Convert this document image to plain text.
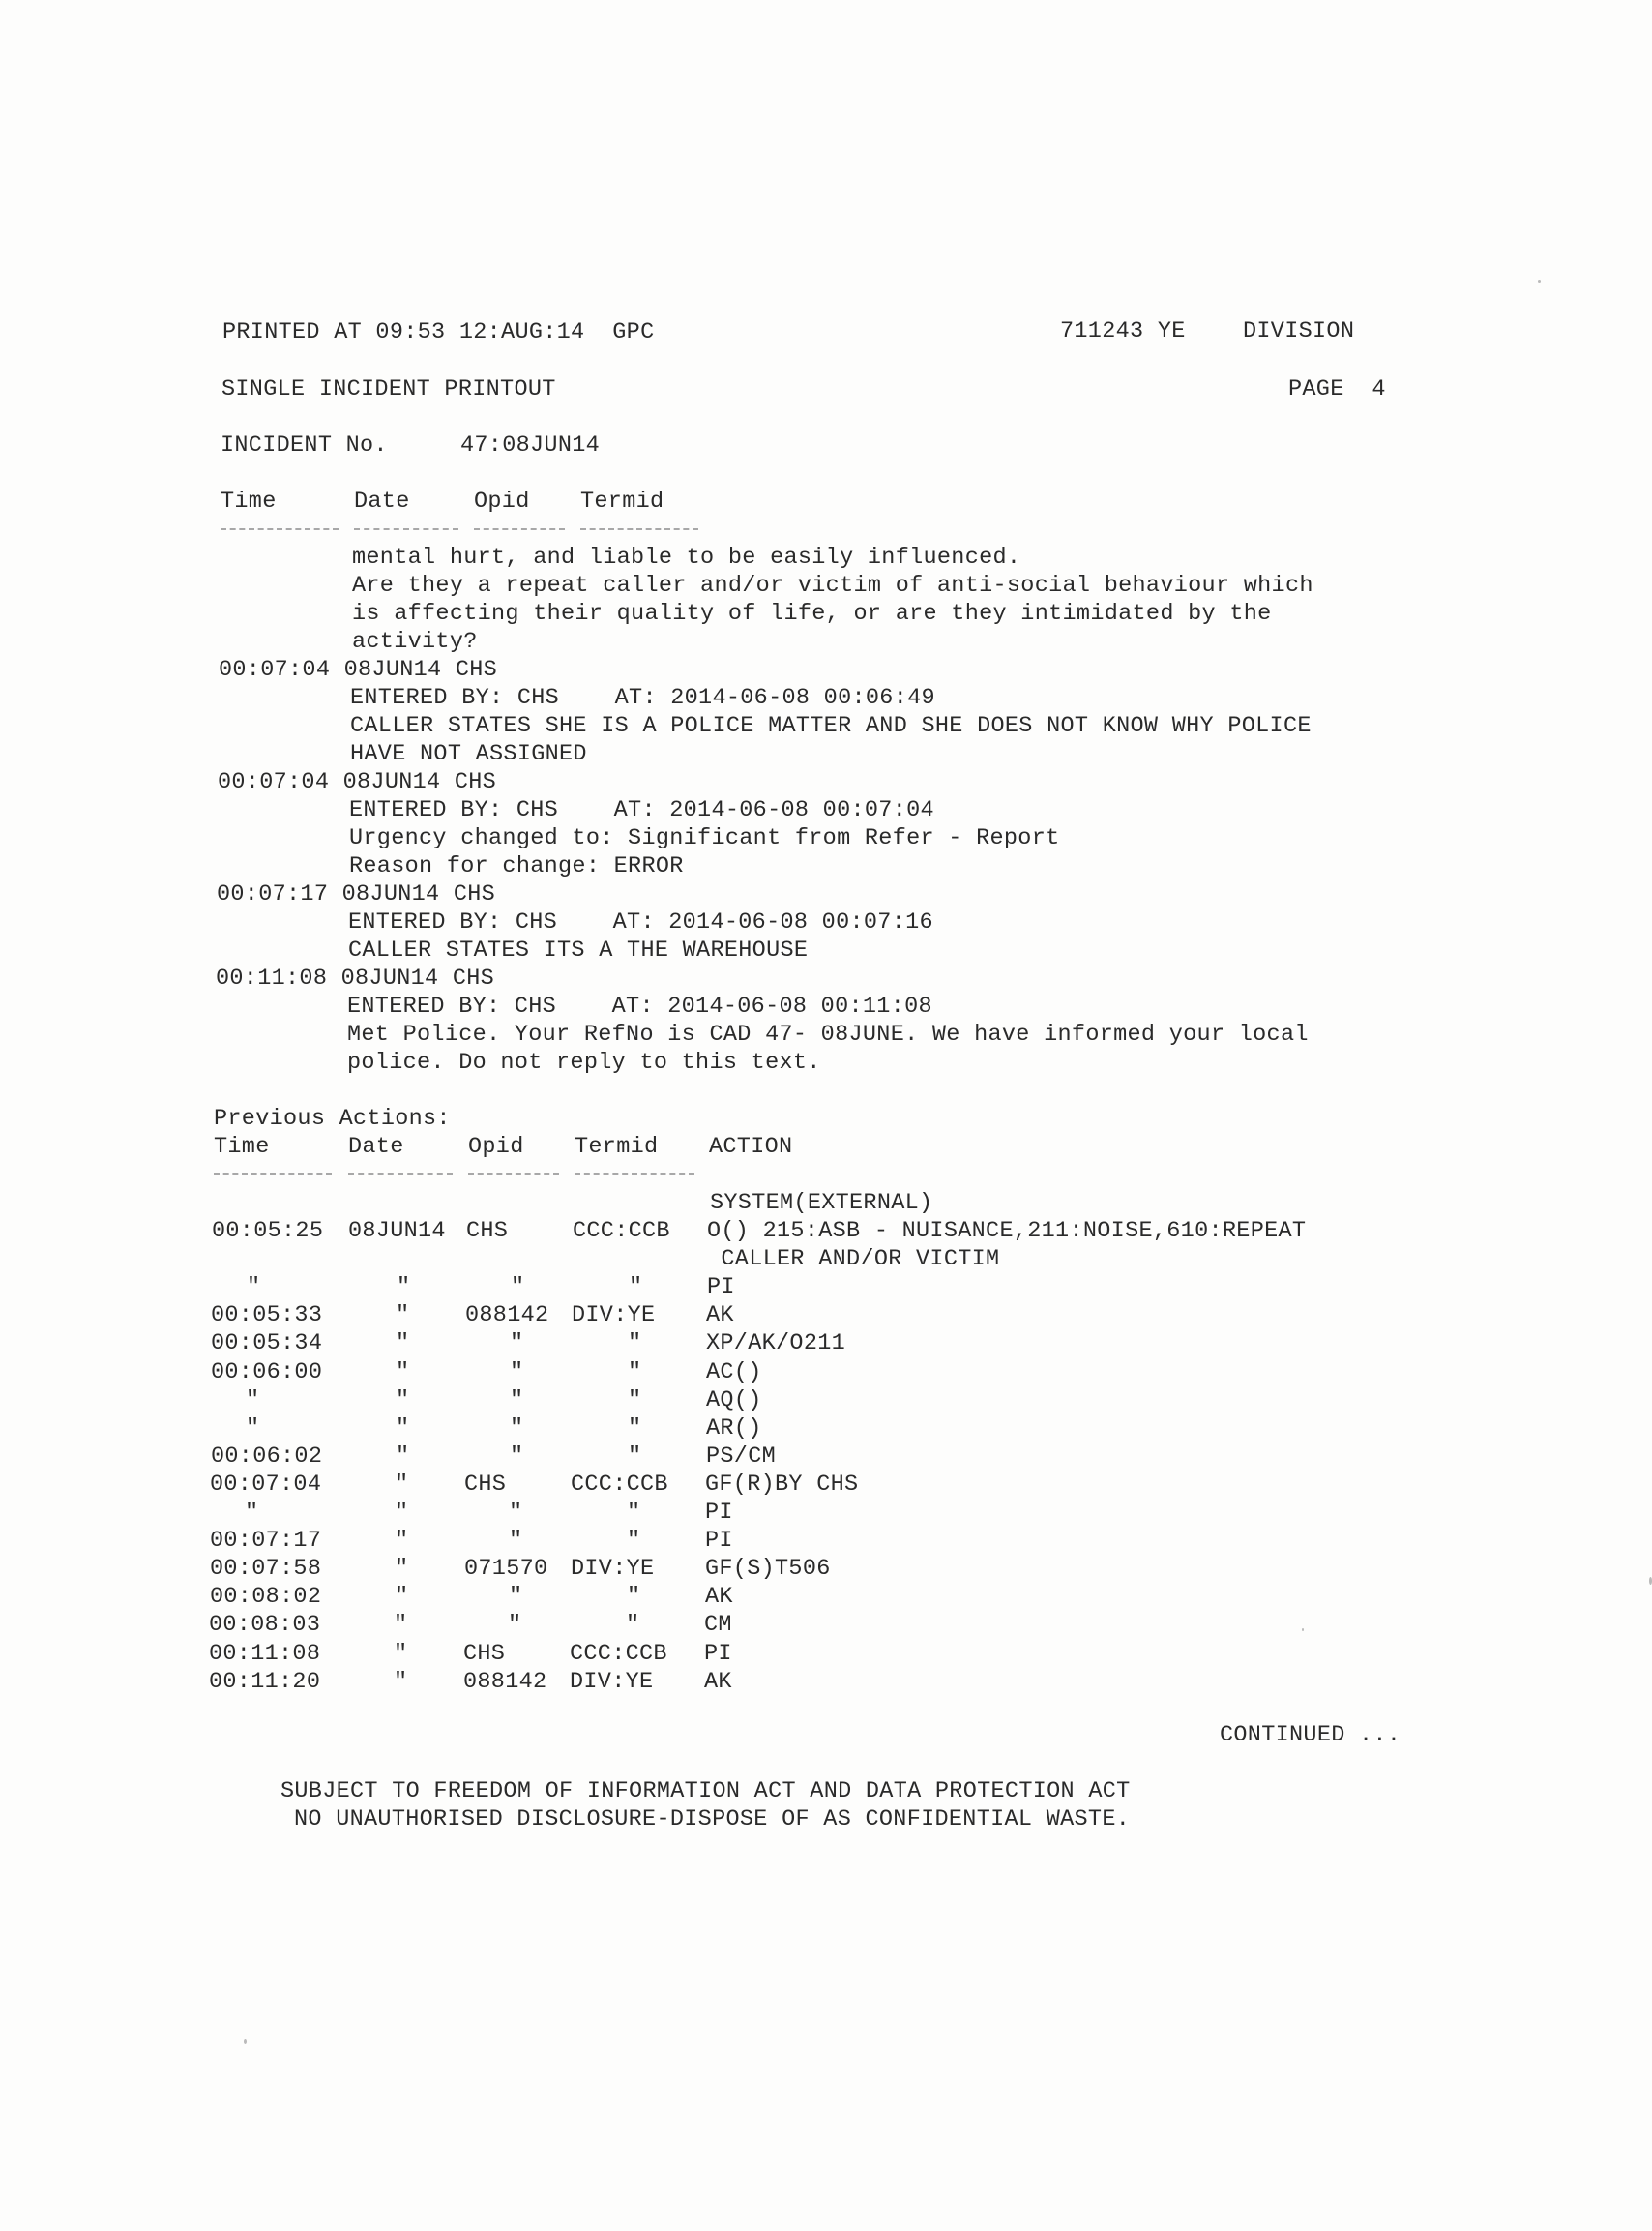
PRINTED AT 09:53 12:AUG:14  GPC	711243 YE	DIVISION
SINGLE INCIDENT PRINTOUT	PAGE  4
INCIDENT No.	47:08JUN14
Time	Date	Opid Termid
mental hurt, and liable to be easily influenced.
Are they a repeat caller and/or victim of anti-social behaviour which
is affecting their quality of life, or are they intimidated by the
activity?
00:07:04 08JUN14 CHS
ENTERED BY: CHS    AT: 2014-06-08 00:06:49
CALLER STATES SHE IS A POLICE MATTER AND SHE DOES NOT KNOW WHY POLICE
HAVE NOT ASSIGNED
00:07:04 08JUN14 CHS
ENTERED BY: CHS    AT: 2014-06-08 00:07:04
Urgency changed to: Significant from Refer - Report
Reason for change: ERROR
00:07:17 08JUN14 CHS
ENTERED BY: CHS    AT: 2014-06-08 00:07:16
CALLER STATES ITS A THE WAREHOUSE
00:11:08 08JUN14 CHS
ENTERED BY: CHS    AT: 2014-06-08 00:11:08
Met Police. Your RefNo is CAD 47- 08JUNE. We have informed your local
police. Do not reply to this text.
Previous Actions:
Time	Date	Opid Termid ACTION
SYSTEM(EXTERNAL)
00:05:25 08JUN14 CHS	CCC:CCB O() 215:ASB - NUISANCE,211:NOISE,610:REPEAT
CALLER AND/OR VICTIM
"	"	"	"	PI
00:05:33	" 088142 DIV:YE AK
00:05:34	"	"	"	XP/AK/O211
00:06:00	"	"	"	AC()
"	"	"	"	AQ()
"	"	"	"	AR()
00:06:02	"	"	"	PS/CM
00:07:04	" CHS	CCC:CCB GF(R)BY CHS
"	"	"	"	PI
00:07:17	"	"	"	PI
00:07:58	" 071570 DIV:YE GF(S)T506
00:08:02	"	"	"	AK
00:08:03	"	"	"	CM
00:11:08	" CHS	CCC:CCB PI
00:11:20	" 088142 DIV:YE AK
CONTINUED ...
SUBJECT TO FREEDOM OF INFORMATION ACT AND DATA PROTECTION ACT
NO UNAUTHORISED DISCLOSURE-DISPOSE OF AS CONFIDENTIAL WASTE.
